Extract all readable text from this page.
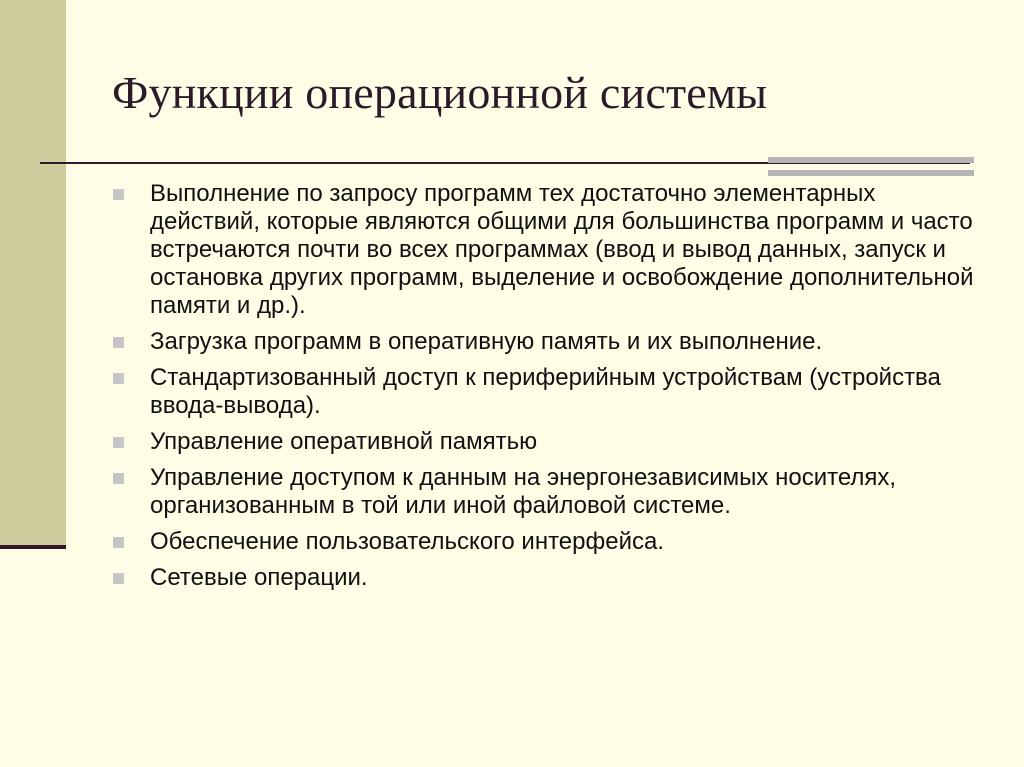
Функции операционной системы
Выполнение по запросу программ тех достаточно элементарных действий, которые являются общими для большинства программ и часто встречаются почти во всех программах (ввод и вывод данных, запуск и остановка других программ, выделение и освобождение дополнительной памяти и др.).
Загрузка программ в оперативную память и их выполнение.
Стандартизованный доступ к периферийным устройствам (устройства ввода-вывода).
Управление оперативной памятью
Управление доступом к данным на энергонезависимых носителях, организованным в той или иной файловой системе.
Обеспечение пользовательского интерфейса.
Сетевые операции.
